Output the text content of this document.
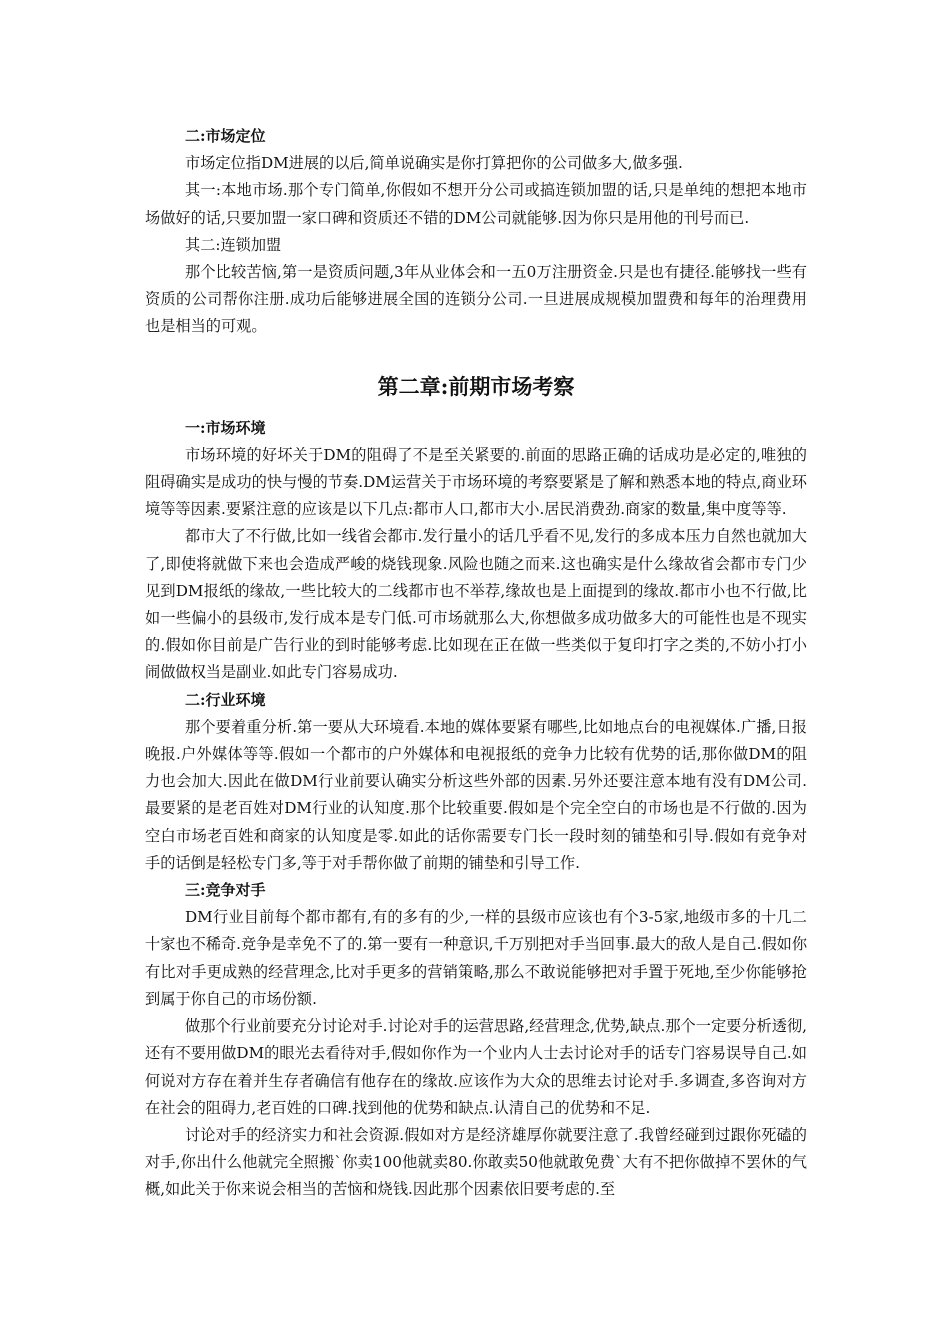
二:市场定位

市场定位指DM进展的以后,简单说确实是你打算把你的公司做多大,做多强.

其一:本地市场.那个专门简单,你假如不想开分公司或搞连锁加盟的话,只是单纯的想把本地市场做好的话,只要加盟一家口碑和资质还不错的DM公司就能够.因为你只是用他的刊号而已.

其二:连锁加盟

那个比较苦恼,第一是资质问题,3年从业体会和一五0万注册资金.只是也有捷径.能够找一些有资质的公司帮你注册.成功后能够进展全国的连锁分公司.一旦进展成规模加盟费和每年的治理费用也是相当的可观。

第二章:前期市场考察
一:市场环境

市场环境的好坏关于DM的阻碍了不是至关紧要的.前面的思路正确的话成功是必定的,唯独的阻碍确实是成功的快与慢的节奏.DM运营关于市场环境的考察要紧是了解和熟悉本地的特点,商业环境等等因素.要紧注意的应该是以下几点:都市人口,都市大小.居民消费劲.商家的数量,集中度等等.

都市大了不行做,比如一线省会都市.发行量小的话几乎看不见,发行的多成本压力自然也就加大了,即使将就做下来也会造成严峻的烧钱现象.风险也随之而来.这也确实是什么缘故省会都市专门少见到DM报纸的缘故,一些比较大的二线都市也不举荐,缘故也是上面提到的缘故.都市小也不行做,比如一些偏小的县级市,发行成本是专门低.可市场就那么大,你想做多成功做多大的可能性也是不现实的.假如你目前是广告行业的到时能够考虑.比如现在正在做一些类似于复印打字之类的,不妨小打小闹做做权当是副业.如此专门容易成功.

二:行业环境

那个要着重分析.第一要从大环境看.本地的媒体要紧有哪些,比如地点台的电视媒体.广播,日报晚报.户外媒体等等.假如一个都市的户外媒体和电视报纸的竞争力比较有优势的话,那你做DM的阻力也会加大.因此在做DM行业前要认确实分析这些外部的因素.另外还要注意本地有没有DM公司.最要紧的是老百姓对DM行业的认知度.那个比较重要.假如是个完全空白的市场也是不行做的.因为空白市场老百姓和商家的认知度是零.如此的话你需要专门长一段时刻的铺垫和引导.假如有竞争对手的话倒是轻松专门多,等于对手帮你做了前期的铺垫和引导工作.

三:竞争对手

DM行业目前每个都市都有,有的多有的少,一样的县级市应该也有个3-5家,地级市多的十几二十家也不稀奇.竞争是幸免不了的.第一要有一种意识,千万别把对手当回事.最大的敌人是自己.假如你有比对手更成熟的经营理念,比对手更多的营销策略,那么不敢说能够把对手置于死地,至少你能够抢到属于你自己的市场份额.

做那个行业前要充分讨论对手.讨论对手的运营思路,经营理念,优势,缺点.那个一定要分析透彻,还有不要用做DM的眼光去看待对手,假如你作为一个业内人士去讨论对手的话专门容易误导自己.如何说对方存在着并生存者确信有他存在的缘故.应该作为大众的思维去讨论对手.多调查,多咨询对方在社会的阻碍力,老百姓的口碑.找到他的优势和缺点.认清自己的优势和不足.

讨论对手的经济实力和社会资源.假如对方是经济雄厚你就要注意了.我曾经碰到过跟你死磕的对手,你出什么他就完全照搬`你卖100他就卖80.你敢卖50他就敢免费`大有不把你做掉不罢休的气概,如此关于你来说会相当的苦恼和烧钱.因此那个因素依旧要考虑的.至
